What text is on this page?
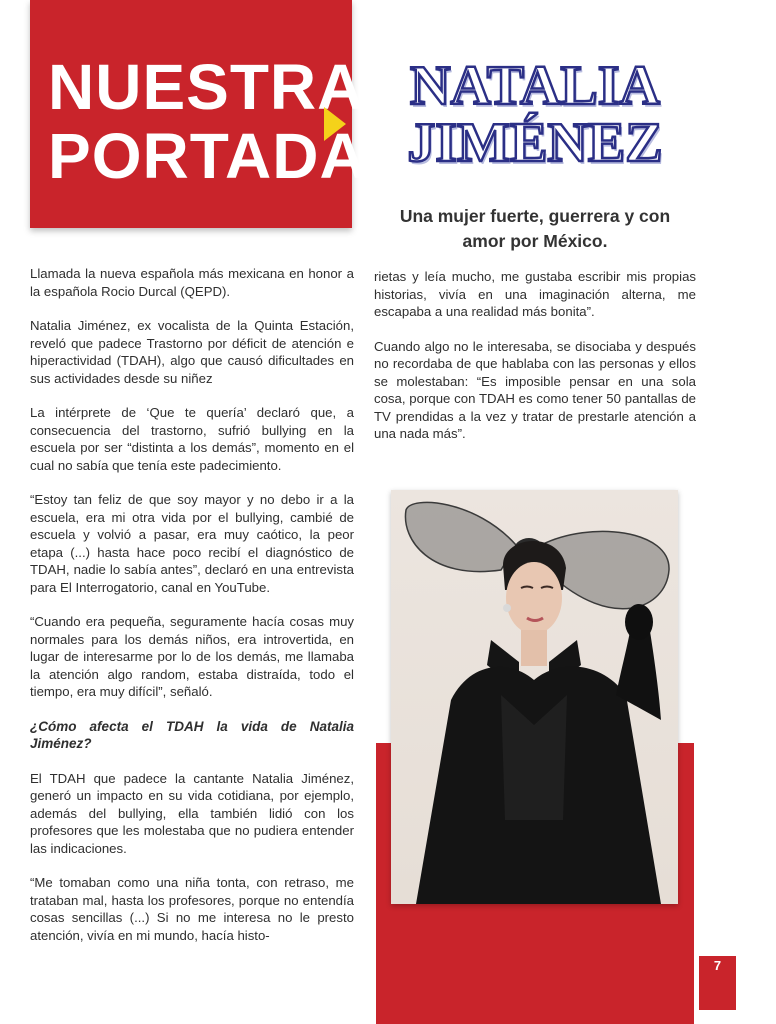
NUESTRA
PORTADA
NATALIA
JIMÉNEZ
Una mujer fuerte, guerrera y con amor por México.

Llamada la nueva española más mexicana en honor a la española Rocio Durcal (QEPD).

Natalia Jiménez, ex vocalista de la Quinta Estación, reveló que padece Trastorno por déficit de atención e hiperactividad (TDAH), algo que causó dificultades en sus actividades desde su niñez

La intérprete de ‘Que te quería’ declaró que, a consecuencia del trastorno, sufrió bullying en la escuela por ser “distinta a los demás”, momento en el cual no sabía que tenía este padecimiento.

“Estoy tan feliz de que soy mayor y no debo ir a la escuela, era mi otra vida por el bullying, cambié de escuela y volvió a pasar, era muy caótico, la peor etapa (...) hasta hace poco recibí el diagnóstico de TDAH, nadie lo sabía antes”, declaró en una entrevista para El Interrogatorio, canal en YouTube.

“Cuando era pequeña, seguramente hacía cosas muy normales para los demás niños, era introvertida, en lugar de interesarme por lo de los demás, me llamaba la atención algo random, estaba distraída, todo el tiempo, era muy difícil”, señaló.

¿Cómo afecta el TDAH la vida de Natalia Jiménez?

El TDAH que padece la cantante Natalia Jiménez, generó un impacto en su vida cotidiana, por ejemplo, además del bullying, ella también lidió con los profesores que les molestaba que no pudiera entender las indicaciones.

“Me tomaban como una niña tonta, con retraso, me trataban mal, hasta los profesores, porque no entendía cosas sencillas (...) Si no me interesa no le presto atención, vivía en mi mundo, hacía histo-

rietas y leía mucho, me gustaba escribir mis propias historias, vivía en una imaginación alterna, me escapaba a una realidad más bonita”.

Cuando algo no le interesaba, se disociaba y después no recordaba de que hablaba con las personas y ellos se molestaban: “Es imposible pensar en una sola cosa, porque con TDAH es como tener 50 pantallas de TV prendidas a la vez y tratar de prestarle atención a una nada más”.

7
